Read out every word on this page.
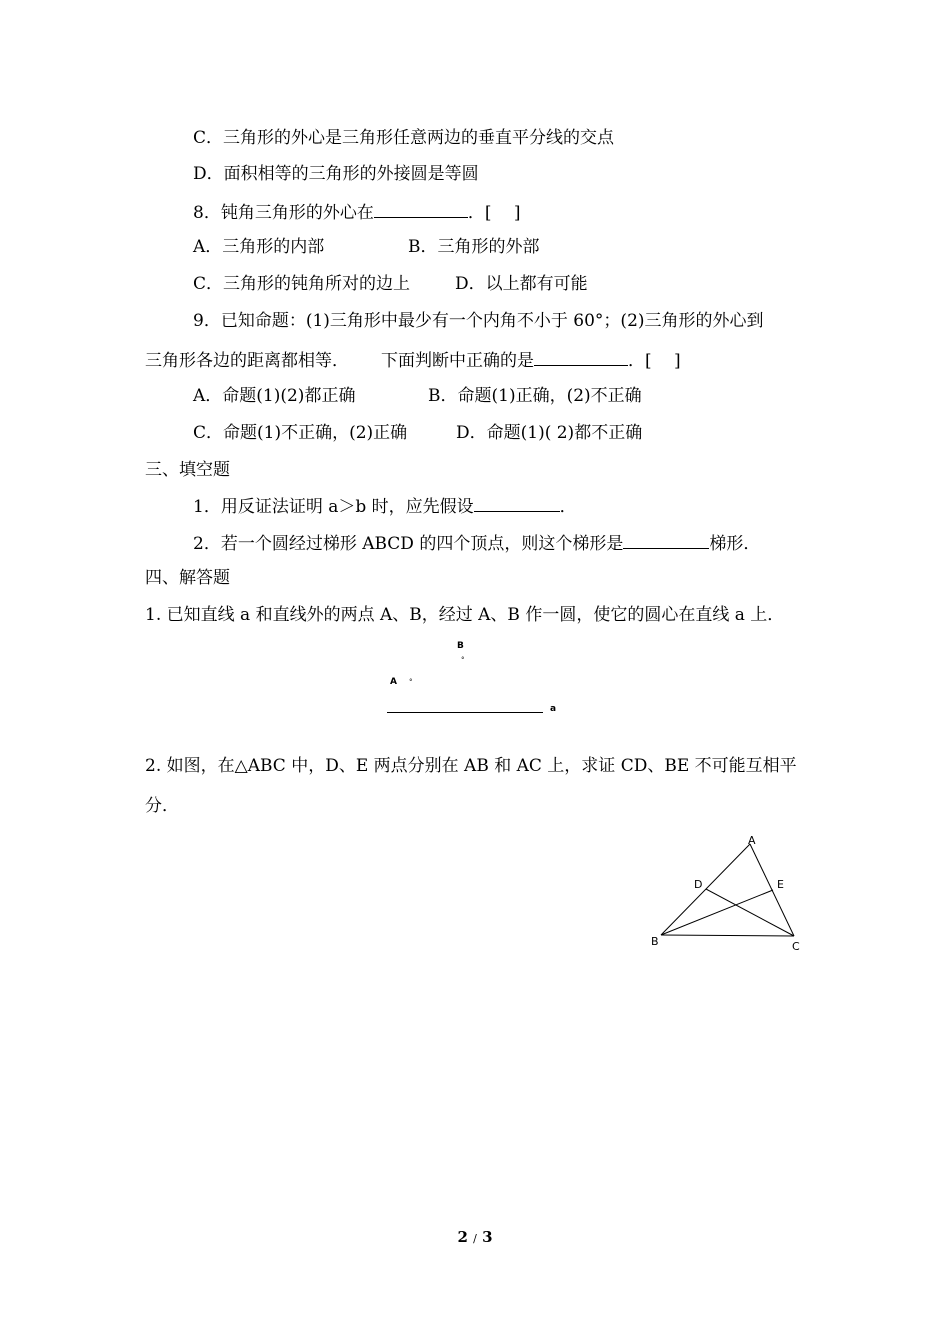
C．三角形的外心是三角形任意两边的垂直平分线的交点
D．面积相等的三角形的外接圆是等圆
8．钝角三角形的外心在	．[　 ]
A．三角形的内部	B．三角形的外部
C．三角形的钝角所对的边上	D．以上都有可能
9．已知命题：(1)三角形中最少有一个内角不小于 60°；(2)三角形的外心到
三角形各边的距离都相等． 下面判断中正确的是	．[　 ]
A．命题(1)(2)都正确	B．命题(1)正确，(2)不正确
C．命题(1)不正确，(2)正确	D．命题(1)( 2)都不正确
三、填空题
1．用反证法证明 a＞b 时，应先假设	．
2．若一个圆经过梯形 ABCD 的四个顶点，则这个梯形是	梯形．
四、解答题
1. 已知直线 a 和直线外的两点 A、B，经过 A、B 作一圆，使它的圆心在直线 a 上．
B
°
A °
a
2. 如图，在△ABC 中，D、E 两点分别在 AB 和 AC 上，求证 CD、BE 不可能互相平
分．
A
B	C
D	E
2 / 3
